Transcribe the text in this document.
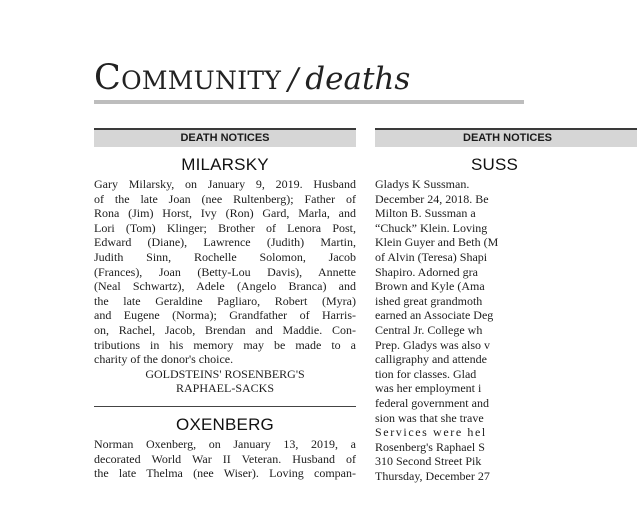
Community / deaths
DEATH NOTICES
MILARSKY
Gary Milarsky, on January 9, 2019. Husband
of the late Joan (nee Rultenberg); Father of
Rona (Jim) Horst, Ivy (Ron) Gard, Marla, and
Lori (Tom) Klinger; Brother of Lenora Post,
Edward (Diane), Lawrence (Judith) Martin,
Judith Sinn, Rochelle Solomon, Jacob
(Frances), Joan (Betty-Lou Davis), Annette
(Neal Schwartz), Adele (Angelo Branca) and
the late Geraldine Pagliaro, Robert (Myra)
and Eugene (Norma); Grandfather of Harris-
on, Rachel, Jacob, Brendan and Maddie. Con-
tributions in his memory may be made to a
charity of the donor's choice.
GOLDSTEINS' ROSENBERG'S
RAPHAEL-SACKS
OXENBERG
Norman Oxenberg, on January 13, 2019, a
decorated World War II Veteran. Husband of
the late Thelma (nee Wiser). Loving compan-
DEATH NOTICES
SUSS
Gladys K Sussman.
December 24, 2018. Be
Milton B. Sussman a
“Chuck” Klein. Loving
Klein Guyer and Beth (M
of Alvin (Teresa) Shapi
Shapiro. Adorned gra
Brown and Kyle (Ama
ished great grandmoth
earned an Associate Deg
Central Jr. College wh
Prep. Gladys was also v
calligraphy and attende
tion for classes. Glad
was her employment i
federal government and
sion was that she trave
Services were hel
Rosenberg's Raphael S
310 Second Street Pik
Thursday, December 27
